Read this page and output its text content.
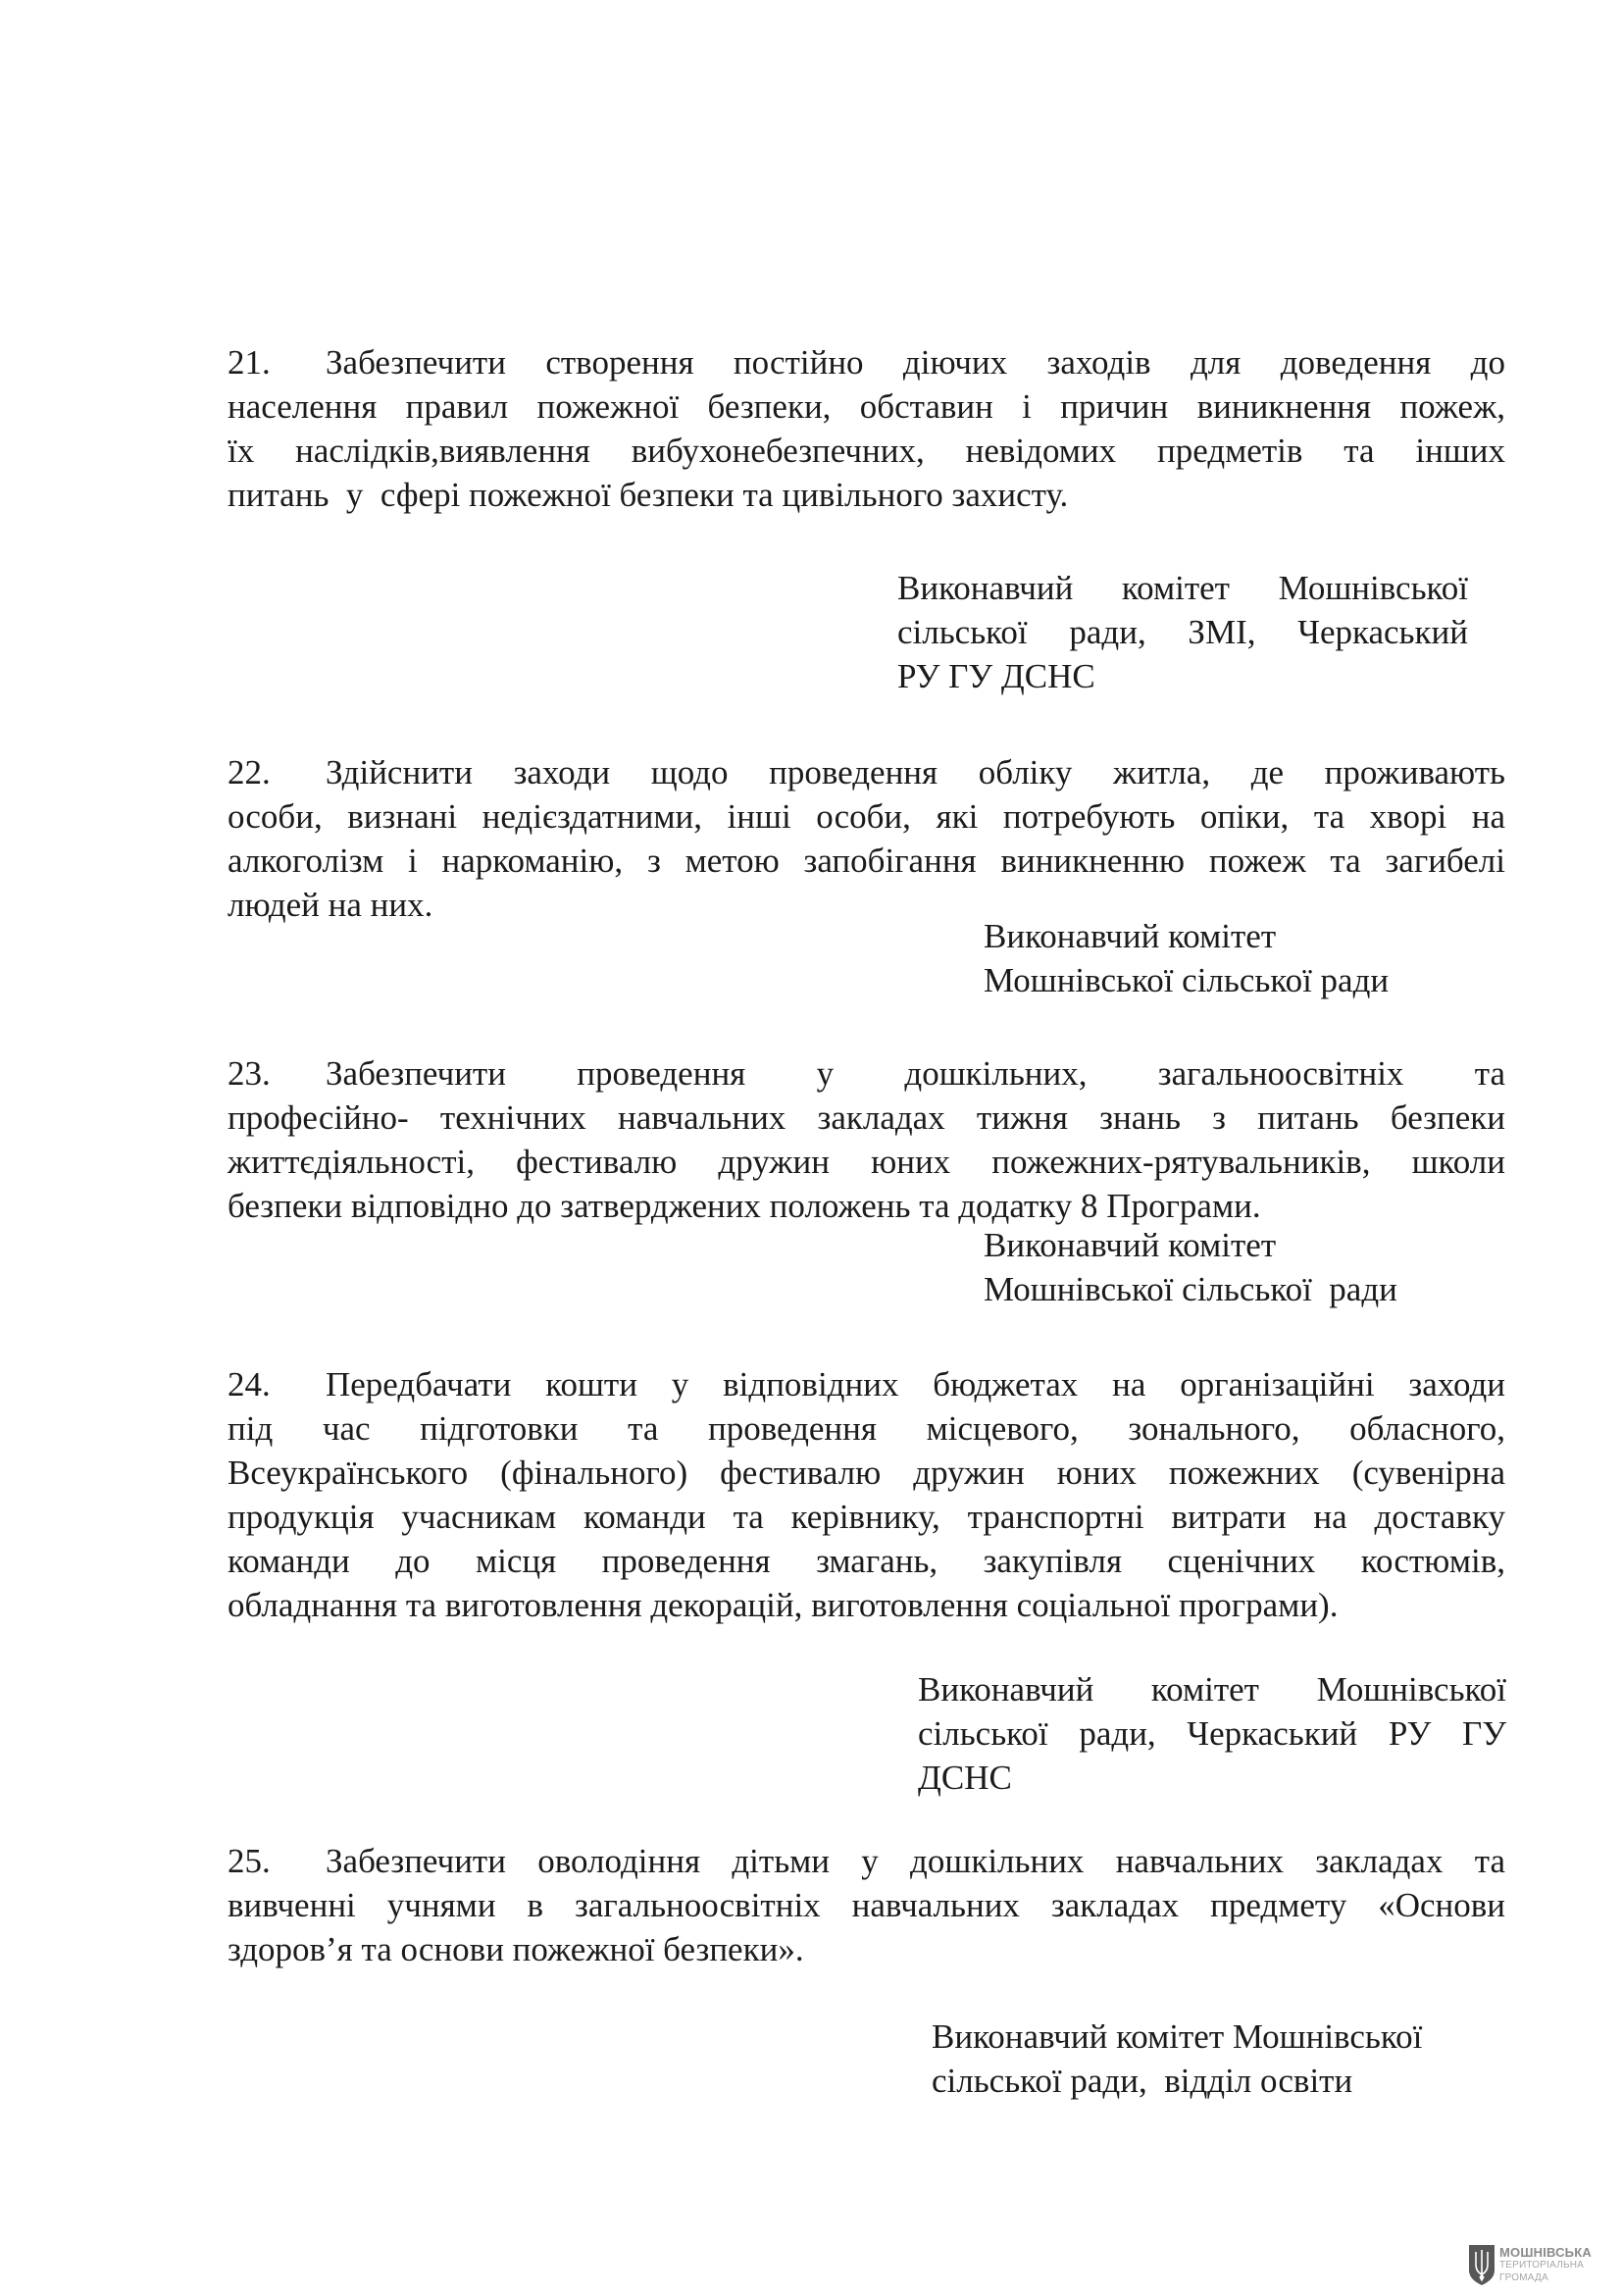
21.	Забезпечити створення постійно діючих заходів для доведення до
населення правил пожежної безпеки, обставин і причин виникнення пожеж,
їх наслідків,виявлення вибухонебезпечних, невідомих предметів та інших
питань  у  сфері пожежної безпеки та цивільного захисту.
Виконавчий комітет Мошнівської
сільської ради, ЗМІ, Черкаський
РУ ГУ ДСНС
22.	Здійснити заходи щодо проведення обліку житла, де проживають
особи, визнані недієздатними, інші особи, які потребують опіки, та хворі на
алкоголізм і наркоманію, з метою запобігання виникненню пожеж та загибелі
людей на них.
Виконавчий комітет
Мошнівської сільської ради
23.	Забезпечити проведення у дошкільних, загальноосвітніх та
професійно- технічних навчальних закладах тижня знань з питань безпеки
життєдіяльності, фестивалю дружин юних пожежних-рятувальників, школи
безпеки відповідно до затверджених положень та додатку 8 Програми.
Виконавчий комітет
Мошнівської сільської  ради
24.	Передбачати кошти у відповідних бюджетах на організаційні заходи
під час підготовки та проведення місцевого, зонального, обласного,
Всеукраїнського (фінального) фестивалю дружин юних пожежних (сувенірна
продукція учасникам команди та керівнику, транспортні витрати на доставку
команди до місця проведення змагань, закупівля сценічних костюмів,
обладнання та виготовлення декорацій, виготовлення соціальної програми).
Виконавчий комітет Мошнівської
сільської ради, Черкаський РУ ГУ
ДСНС
25.	Забезпечити оволодіння дітьми у дошкільних навчальних закладах та
вивченні учнями в загальноосвітніх навчальних закладах предмету «Основи
здоров’я та основи пожежної безпеки».
Виконавчий комітет Мошнівської
сільської ради,  відділ освіти
МОШНІВСЬКА
ТЕРИТОРІАЛЬНА
ГРОМАДА
